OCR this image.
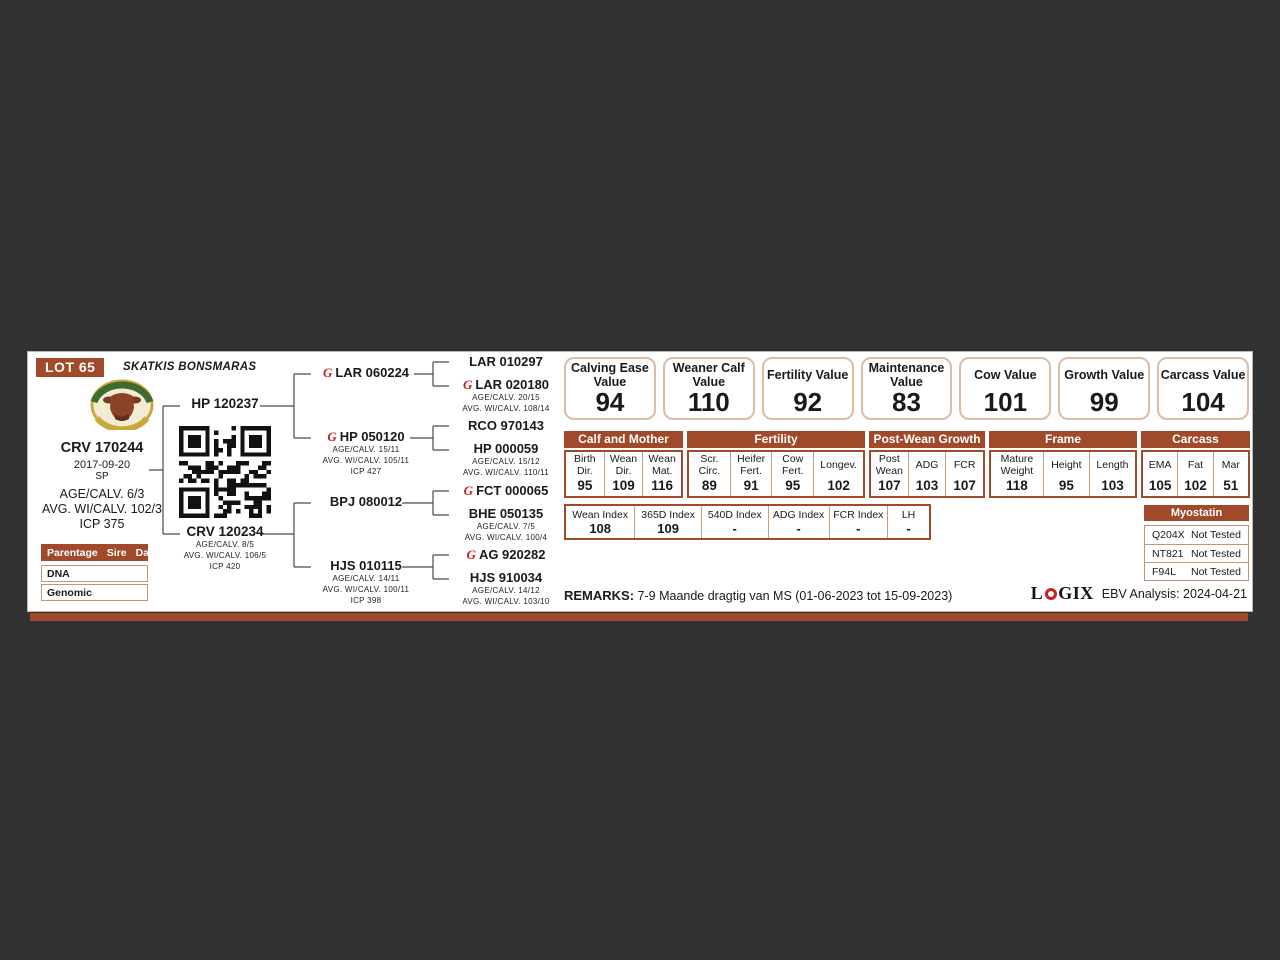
LOT 65	SKATKIS BONSMARAS
CRV 170244
2017-09-20
SP
AGE/CALV. 6/3
AVG. WI/CALV. 102/3
ICP 375
Parentage Sire Dam
DNA
Genomic
HP 120237
CRV 120234
AGE/CALV. 8/5
AVG. WI/CALV. 106/5
ICP 420
G LAR 060224
G HP 050120
AGE/CALV. 15/11
AVG. WI/CALV. 105/11
ICP 427
BPJ 080012
HJS 010115
AGE/CALV. 14/11
AVG. WI/CALV. 100/11
ICP 398
LAR 010297
G LAR 020180
AGE/CALV. 20/15
AVG. WI/CALV. 108/14
RCO 970143
HP 000059
AGE/CALV. 15/12
AVG. WI/CALV. 110/11
G FCT 000065
BHE 050135
AGE/CALV. 7/5
AVG. WI/CALV. 100/4
G AG 920282
HJS 910034
AGE/CALV. 14/12
AVG. WI/CALV. 103/10
Calving Ease Value
94
Weaner Calf Value
110
Fertility Value
92
Maintenance Value
83
Cow Value
101
Growth Value
99
Carcass Value
104
Calf and Mother
Birth Dir.
95
Wean Dir.
109
Wean Mat.
116
Fertility
Scr. Circ.
89
Heifer Fert.
91
Cow Fert.
95
Longev.
102
Post-Wean Growth
Post Wean
107
ADG
103
FCR
107
Frame
Mature Weight
118
Height
95
Length
103
Carcass
EMA
105
Fat
102
Mar
51
Wean Index
108
365D Index
109
540D Index
-
ADG Index
-
FCR Index
-
LH
-
Myostatin
Q204X Not Tested
NT821 Not Tested
F94L Not Tested
REMARKS: 7-9 Maande dragtig van MS (01-06-2023 tot 15-09-2023)	L GIX EBV Analysis: 2024-04-21
